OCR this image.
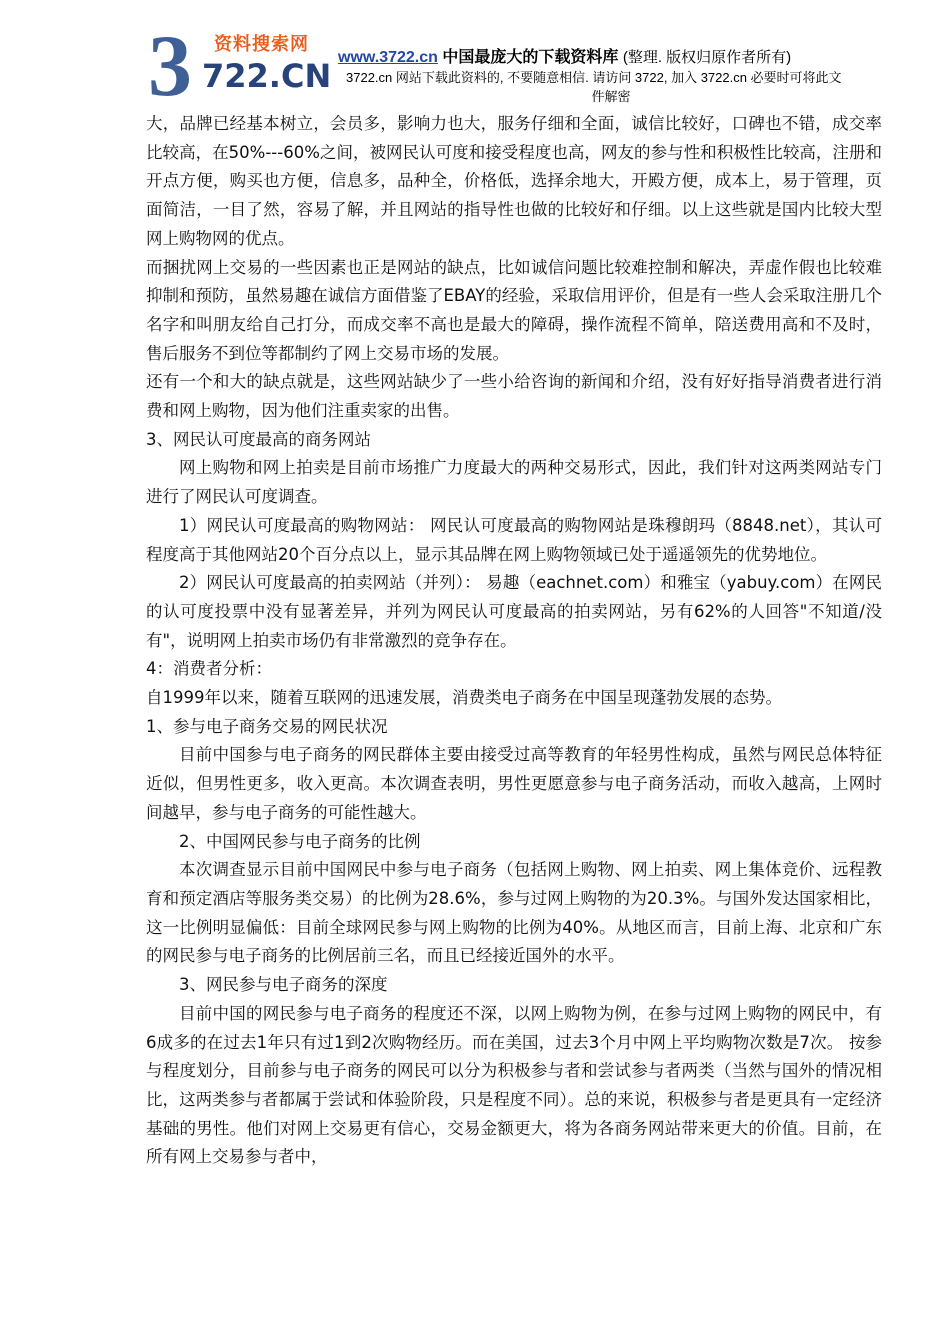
3 722.CN
资料搜索网
www.3722.cn 中国最庞大的下载资料库 (整理. 版权归原作者所有)
3722.cn 网站下载此资料的, 不要随意相信. 请访问 3722, 加入 3722.cn 必要时可将此文
件解密

大，品牌已经基本树立，会员多，影响力也大，服务仔细和全面，诚信比较好，口碑也不错，成交率比较高，在50%---60%之间，被网民认可度和接受程度也高，网友的参与性和积极性比较高，注册和开点方便，购买也方便，信息多，品种全，价格低，选择余地大，开殿方便，成本上，易于管理，页面简洁，一目了然，容易了解，并且网站的指导性也做的比较好和仔细。以上这些就是国内比较大型网上购物网的优点。

而捆扰网上交易的一些因素也正是网站的缺点，比如诚信问题比较难控制和解决，弄虚作假也比较难抑制和预防，虽然易趣在诚信方面借鉴了EBAY的经验，采取信用评价，但是有一些人会采取注册几个名字和叫朋友给自己打分，而成交率不高也是最大的障碍，操作流程不简单，陪送费用高和不及时，售后服务不到位等都制约了网上交易市场的发展。

还有一个和大的缺点就是，这些网站缺少了一些小给咨询的新闻和介绍，没有好好指导消费者进行消费和网上购物，因为他们注重卖家的出售。

3、网民认可度最高的商务网站

网上购物和网上拍卖是目前市场推广力度最大的两种交易形式，因此，我们针对这两类网站专门进行了网民认可度调查。

1）网民认可度最高的购物网站： 网民认可度最高的购物网站是珠穆朗玛（8848.net），其认可程度高于其他网站20个百分点以上，显示其品牌在网上购物领域已处于遥遥领先的优势地位。

2）网民认可度最高的拍卖网站（并列）： 易趣（eachnet.com）和雅宝（yabuy.com）在网民的认可度投票中没有显著差异，并列为网民认可度最高的拍卖网站，另有62%的人回答"不知道/没有"，说明网上拍卖市场仍有非常激烈的竞争存在。

4：消费者分析：

自1999年以来，随着互联网的迅速发展，消费类电子商务在中国呈现蓬勃发展的态势。

1、参与电子商务交易的网民状况

目前中国参与电子商务的网民群体主要由接受过高等教育的年轻男性构成，虽然与网民总体特征近似，但男性更多，收入更高。本次调查表明，男性更愿意参与电子商务活动，而收入越高，上网时间越早，参与电子商务的可能性越大。

2、中国网民参与电子商务的比例

本次调查显示目前中国网民中参与电子商务（包括网上购物、网上拍卖、网上集体竞价、远程教育和预定酒店等服务类交易）的比例为28.6%，参与过网上购物的为20.3%。与国外发达国家相比，这一比例明显偏低：目前全球网民参与网上购物的比例为40%。从地区而言，目前上海、北京和广东的网民参与电子商务的比例居前三名，而且已经接近国外的水平。

3、网民参与电子商务的深度

目前中国的网民参与电子商务的程度还不深，以网上购物为例，在参与过网上购物的网民中，有6成多的在过去1年只有过1到2次购物经历。而在美国，过去3个月中网上平均购物次数是7次。 按参与程度划分，目前参与电子商务的网民可以分为积极参与者和尝试参与者两类（当然与国外的情况相比，这两类参与者都属于尝试和体验阶段，只是程度不同）。总的来说，积极参与者是更具有一定经济基础的男性。他们对网上交易更有信心，交易金额更大，将为各商务网站带来更大的价值。目前，在所有网上交易参与者中，
